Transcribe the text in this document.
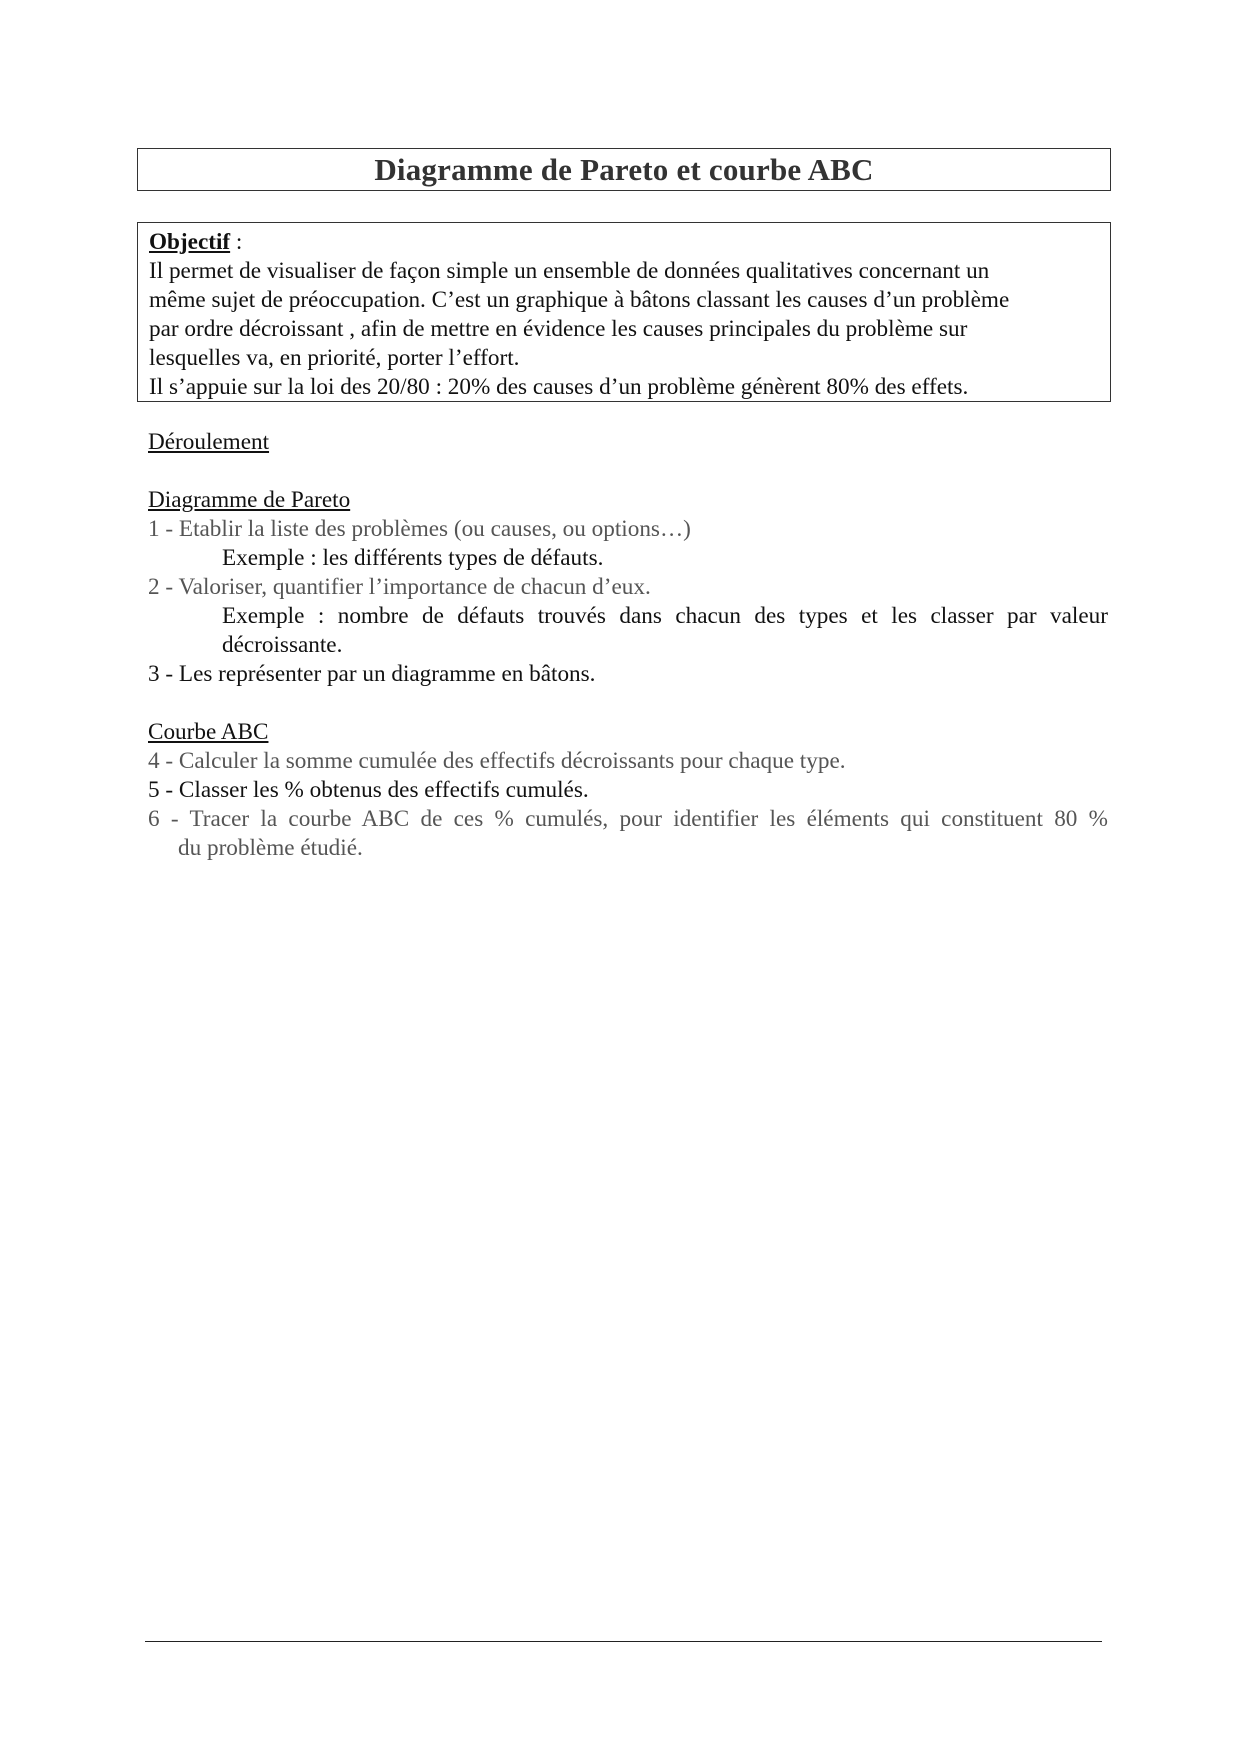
Diagramme de Pareto et courbe ABC

Objectif :

Il permet de visualiser de façon simple un ensemble de données qualitatives concernant un

même sujet de préoccupation. C’est un graphique à bâtons classant les causes d’un problème

par ordre décroissant , afin de mettre en évidence les causes principales du problème sur

lesquelles va, en priorité, porter l’effort.

Il s’appuie sur la loi des 20/80 : 20% des causes d’un problème génèrent 80% des effets.

Déroulement

Diagramme de Pareto

1 - Etablir la liste des problèmes (ou causes, ou options…)

Exemple : les différents types de défauts.

2 - Valoriser, quantifier l’importance de chacun d’eux.

Exemple : nombre de défauts trouvés dans chacun des types et les classer par valeur

décroissante.

3 - Les représenter par un diagramme en bâtons.

Courbe ABC

4 - Calculer la somme cumulée des effectifs décroissants pour chaque type.

5 - Classer les % obtenus des effectifs cumulés.

6 - Tracer la courbe ABC de ces % cumulés, pour identifier les éléments qui constituent 80 %

du problème étudié.
